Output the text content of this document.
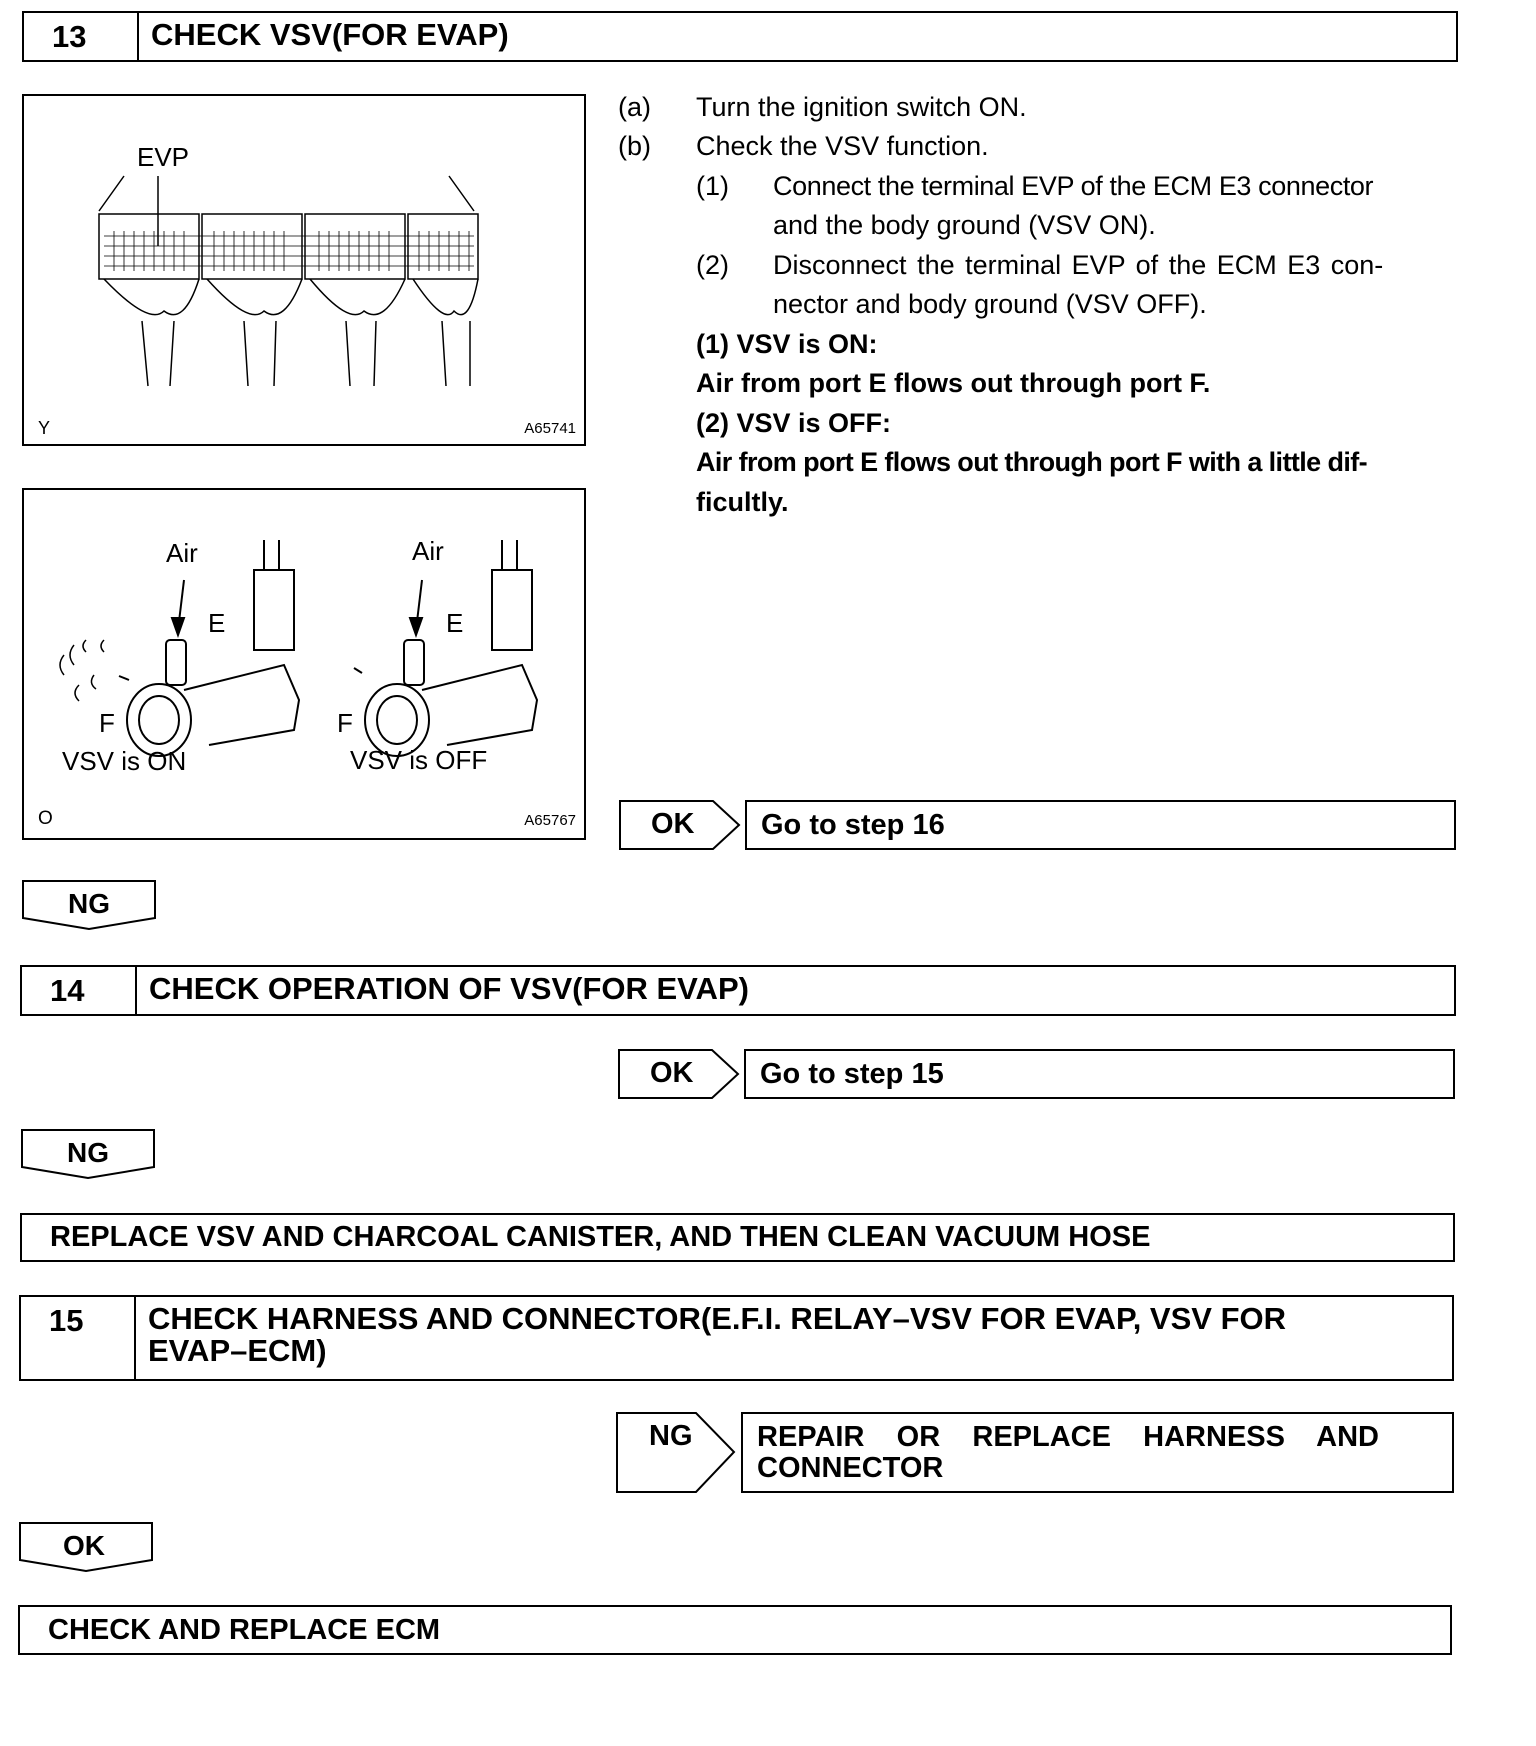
13	CHECK VSV(FOR EVAP)
EVP
Y	A65741
Air	Air
E	E
F	F
VSV is ON	VSV is OFF
O	A65767
(a) Turn the ignition switch ON.
(b) Check the VSV function.
(1) Connect the terminal EVP of the ECM E3 connector
and the body ground (VSV ON).
(2) Disconnect the terminal EVP of the ECM E3 con-
nector and body ground (VSV OFF).
(1) VSV is ON:
Air from port E flows out through port F.
(2) VSV is OFF:
Air from port E flows out through port F with a little dif-
ficultly.
OK	Go to step 16
NG
14	CHECK OPERATION OF VSV(FOR EVAP)
OK	Go to step 15
NG
REPLACE VSV AND CHARCOAL CANISTER, AND THEN CLEAN VACUUM HOSE
15	CHECK HARNESS AND CONNECTOR(E.F.I. RELAY–VSV FOR EVAP, VSV FOR
EVAP–ECM)
NG REPAIR    OR    REPLACE    HARNESS    AND
CONNECTOR
OK
CHECK AND REPLACE ECM
